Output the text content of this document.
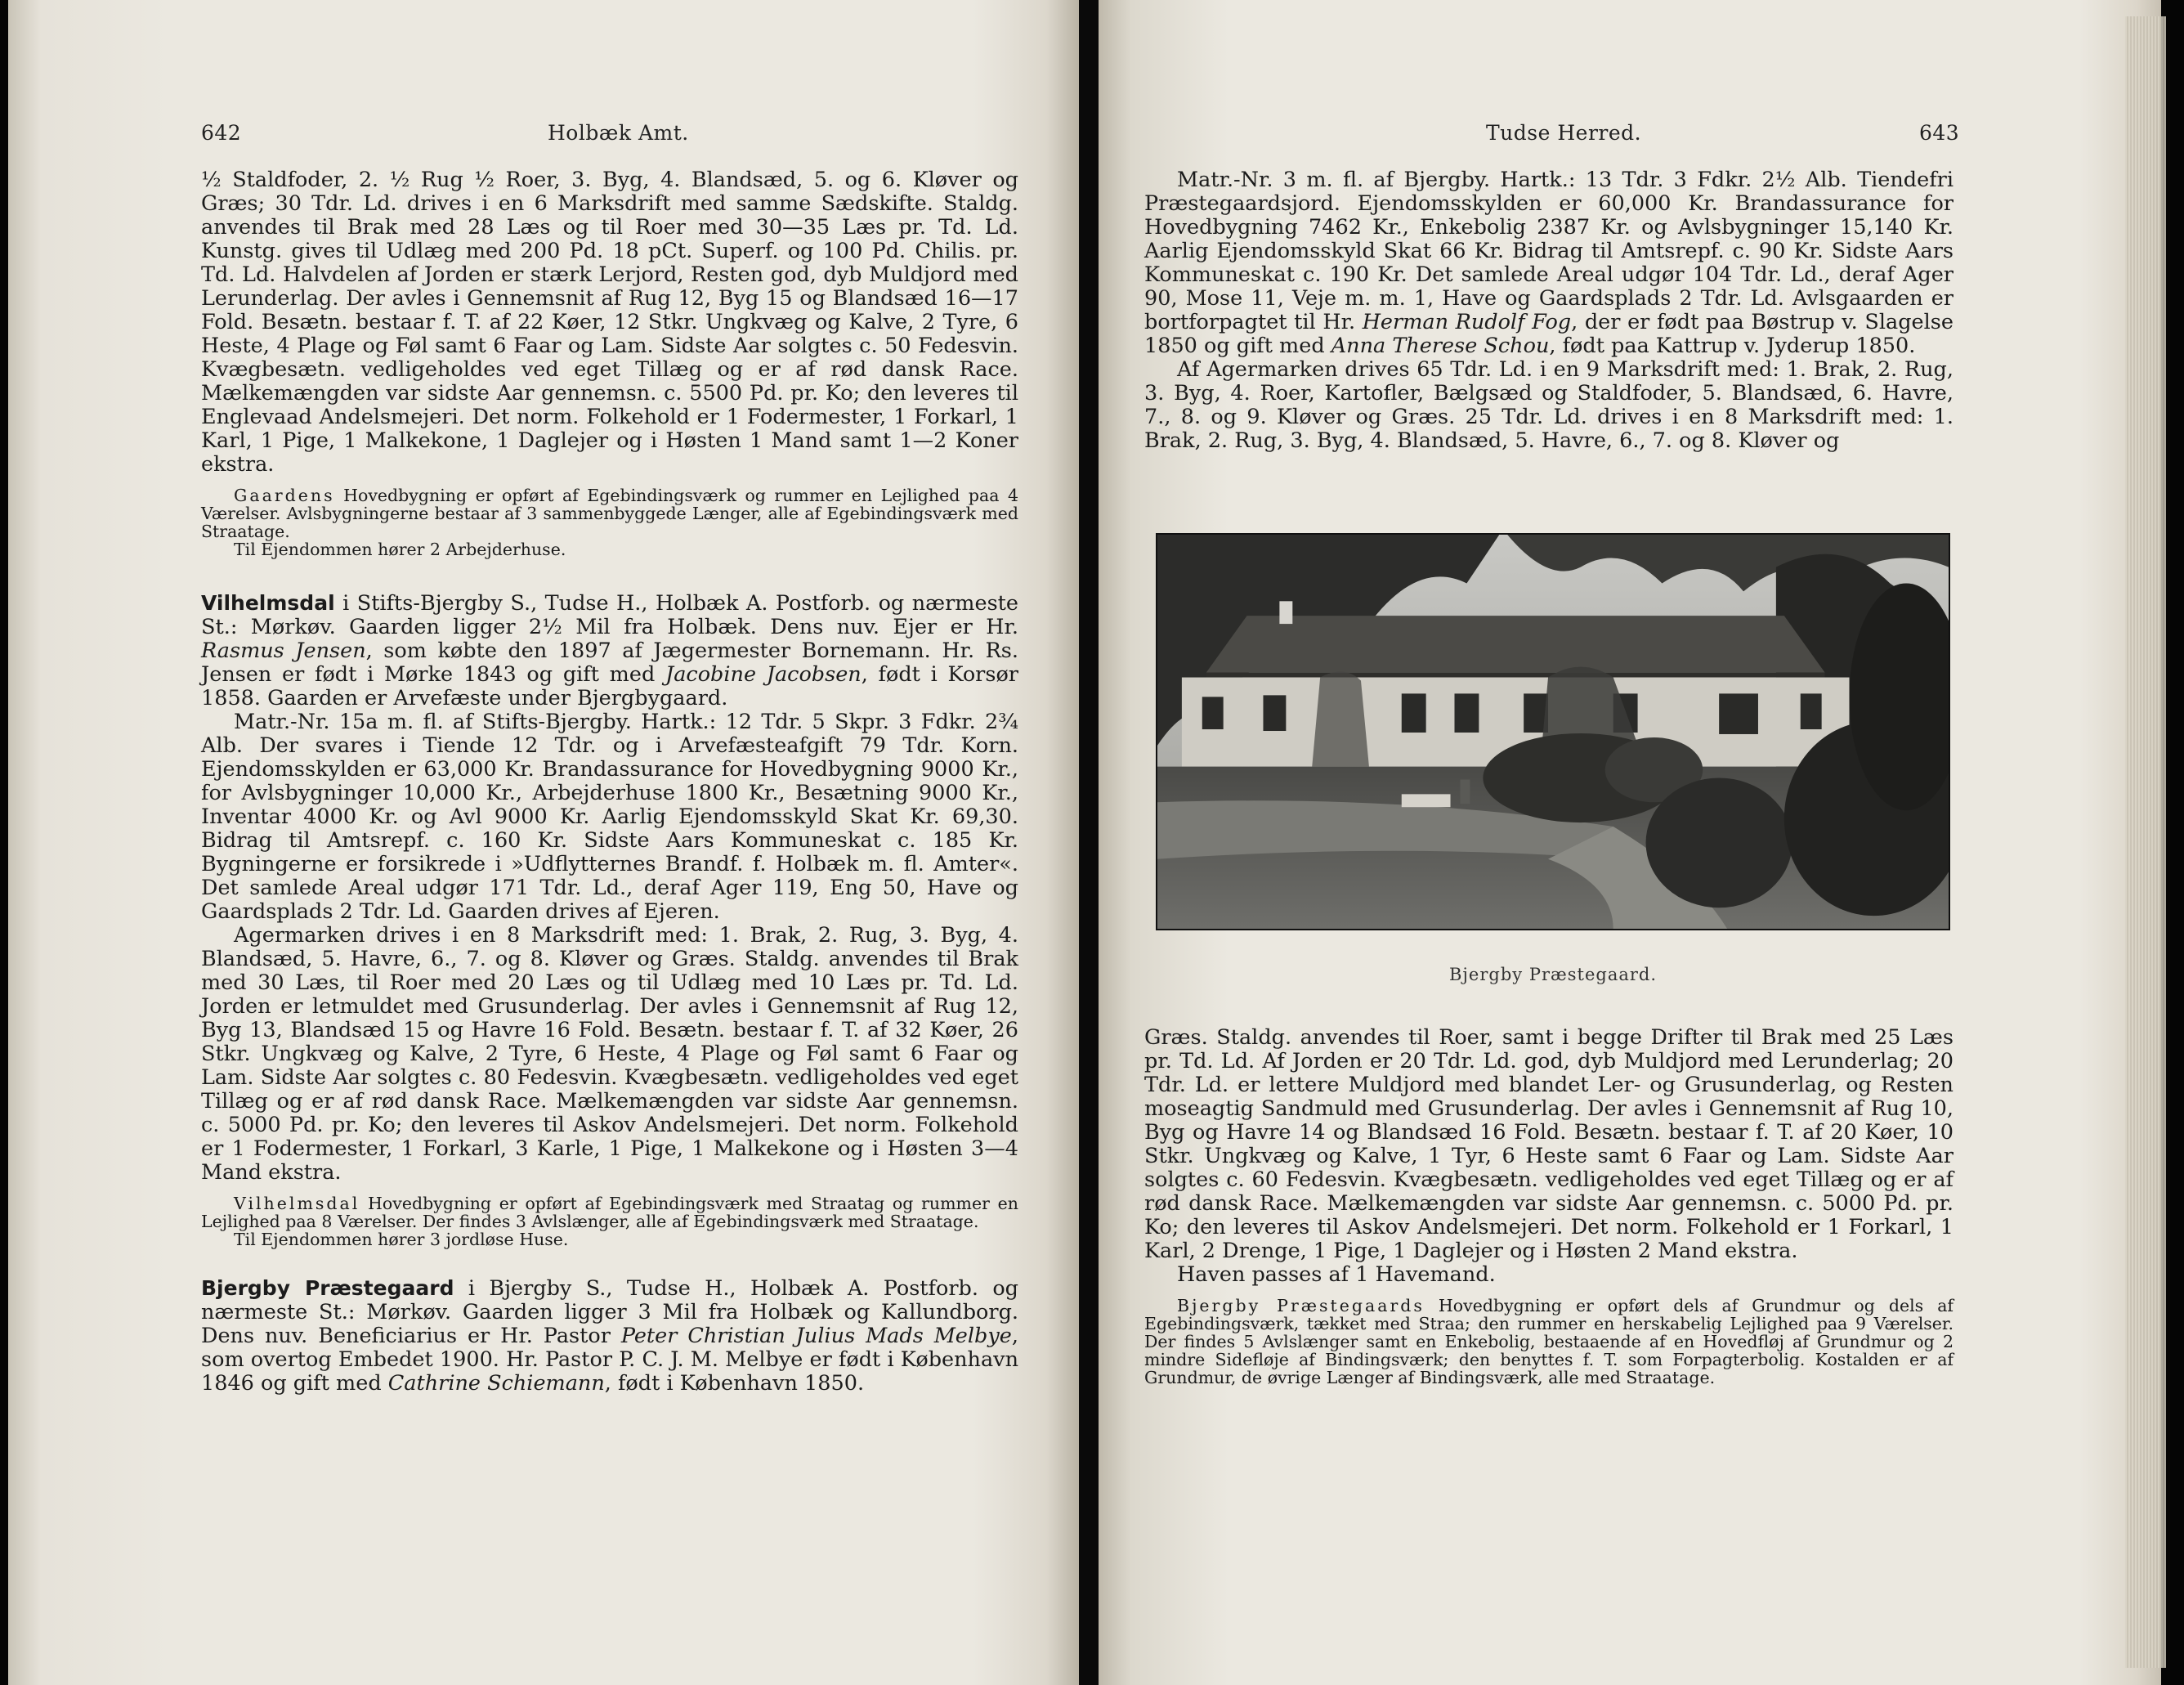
642	Holbæk Amt.

½ Staldfoder, 2. ½ Rug ½ Roer, 3. Byg, 4. Blandsæd, 5. og 6. Kløver og Græs; 30 Tdr. Ld. drives i en 6 Marksdrift med samme Sædskifte. Staldg. anvendes til Brak med 28 Læs og til Roer med 30—35 Læs pr. Td. Ld. Kunstg. gives til Udlæg med 200 Pd. 18 pCt. Superf. og 100 Pd. Chilis. pr. Td. Ld. Halvdelen af Jorden er stærk Lerjord, Resten god, dyb Muldjord med Lerunderlag. Der avles i Gennemsnit af Rug 12, Byg 15 og Blandsæd 16—17 Fold. Besætn. bestaar f. T. af 22 Køer, 12 Stkr. Ungkvæg og Kalve, 2 Tyre, 6 Heste, 4 Plage og Føl samt 6 Faar og Lam. Sidste Aar solgtes c. 50 Fedesvin. Kvægbesætn. vedligeholdes ved eget Tillæg og er af rød dansk Race. Mælkemængden var sidste Aar gennemsn. c. 5500 Pd. pr. Ko; den leveres til Englevaad Andelsmejeri. Det norm. Folkehold er 1 Fodermester, 1 Forkarl, 1 Karl, 1 Pige, 1 Malkekone, 1 Daglejer og i Høsten 1 Mand samt 1—2 Koner ekstra.

Gaardens Hovedbygning er opført af Egebindingsværk og rummer en Lejlighed paa 4 Værelser. Avlsbygningerne bestaar af 3 sammenbyggede Længer, alle af Egebindingsværk med Straatage.

Til Ejendommen hører 2 Arbejderhuse.

Vilhelmsdal i Stifts-Bjergby S., Tudse H., Holbæk A. Postforb. og nærmeste St.: Mørkøv. Gaarden ligger 2½ Mil fra Holbæk. Dens nuv. Ejer er Hr. Rasmus Jensen, som købte den 1897 af Jægermester Bornemann. Hr. Rs. Jensen er født i Mørke 1843 og gift med Jacobine Jacobsen, født i Korsør 1858. Gaarden er Arvefæste under Bjergbygaard.

Matr.-Nr. 15a m. fl. af Stifts-Bjergby. Hartk.: 12 Tdr. 5 Skpr. 3 Fdkr. 2¾ Alb. Der svares i Tiende 12 Tdr. og i Arvefæsteafgift 79 Tdr. Korn. Ejendomsskylden er 63,000 Kr. Brandassurance for Hovedbygning 9000 Kr., for Avlsbygninger 10,000 Kr., Arbejderhuse 1800 Kr., Besætning 9000 Kr., Inventar 4000 Kr. og Avl 9000 Kr. Aarlig Ejendomsskyld Skat Kr. 69,30. Bidrag til Amtsrepf. c. 160 Kr. Sidste Aars Kommuneskat c. 185 Kr. Bygningerne er forsikrede i »Udflytternes Brandf. f. Holbæk m. fl. Amter«. Det samlede Areal udgør 171 Tdr. Ld., deraf Ager 119, Eng 50, Have og Gaardsplads 2 Tdr. Ld. Gaarden drives af Ejeren.

Agermarken drives i en 8 Marksdrift med: 1. Brak, 2. Rug, 3. Byg, 4. Blandsæd, 5. Havre, 6., 7. og 8. Kløver og Græs. Staldg. anvendes til Brak med 30 Læs, til Roer med 20 Læs og til Udlæg med 10 Læs pr. Td. Ld. Jorden er letmuldet med Grusunderlag. Der avles i Gennemsnit af Rug 12, Byg 13, Blandsæd 15 og Havre 16 Fold. Besætn. bestaar f. T. af 32 Køer, 26 Stkr. Ungkvæg og Kalve, 2 Tyre, 6 Heste, 4 Plage og Føl samt 6 Faar og Lam. Sidste Aar solgtes c. 80 Fedesvin. Kvægbesætn. vedligeholdes ved eget Tillæg og er af rød dansk Race. Mælkemængden var sidste Aar gennemsn. c. 5000 Pd. pr. Ko; den leveres til Askov Andelsmejeri. Det norm. Folkehold er 1 Fodermester, 1 Forkarl, 3 Karle, 1 Pige, 1 Malkekone og i Høsten 3—4 Mand ekstra.

Vilhelmsdal Hovedbygning er opført af Egebindingsværk med Straatag og rummer en Lejlighed paa 8 Værelser. Der findes 3 Avlslænger, alle af Egebindingsværk med Straatage.

Til Ejendommen hører 3 jordløse Huse.

Bjergby Præstegaard i Bjergby S., Tudse H., Holbæk A. Postforb. og nærmeste St.: Mørkøv. Gaarden ligger 3 Mil fra Holbæk og Kallundborg. Dens nuv. Beneficiarius er Hr. Pastor Peter Christian Julius Mads Melbye, som overtog Embedet 1900. Hr. Pastor P. C. J. M. Melbye er født i København 1846 og gift med Cathrine Schiemann, født i København 1850.

Tudse Herred.	643

Matr.-Nr. 3 m. fl. af Bjergby. Hartk.: 13 Tdr. 3 Fdkr. 2½ Alb. Tiendefri Præstegaardsjord. Ejendomsskylden er 60,000 Kr. Brandassurance for Hovedbygning 7462 Kr., Enkebolig 2387 Kr. og Avlsbygninger 15,140 Kr. Aarlig Ejendomsskyld Skat 66 Kr. Bidrag til Amtsrepf. c. 90 Kr. Sidste Aars Kommuneskat c. 190 Kr. Det samlede Areal udgør 104 Tdr. Ld., deraf Ager 90, Mose 11, Veje m. m. 1, Have og Gaardsplads 2 Tdr. Ld. Avlsgaarden er bortforpagtet til Hr. Herman Rudolf Fog, der er født paa Bøstrup v. Slagelse 1850 og gift med Anna Therese Schou, født paa Kattrup v. Jyderup 1850.

Af Agermarken drives 65 Tdr. Ld. i en 9 Marksdrift med: 1. Brak, 2. Rug, 3. Byg, 4. Roer, Kartofler, Bælgsæd og Staldfoder, 5. Blandsæd, 6. Havre, 7., 8. og 9. Kløver og Græs. 25 Tdr. Ld. drives i en 8 Marksdrift med: 1. Brak, 2. Rug, 3. Byg, 4. Blandsæd, 5. Havre, 6., 7. og 8. Kløver og

Græs. Staldg. anvendes til Roer, samt i begge Drifter til Brak med 25 Læs pr. Td. Ld. Af Jorden er 20 Tdr. Ld. god, dyb Muldjord med Lerunderlag; 20 Tdr. Ld. er lettere Muldjord med blandet Ler- og Grusunderlag, og Resten moseagtig Sandmuld med Grusunderlag. Der avles i Gennemsnit af Rug 10, Byg og Havre 14 og Blandsæd 16 Fold. Besætn. bestaar f. T. af 20 Køer, 10 Stkr. Ungkvæg og Kalve, 1 Tyr, 6 Heste samt 6 Faar og Lam. Sidste Aar solgtes c. 60 Fedesvin. Kvægbesætn. vedligeholdes ved eget Tillæg og er af rød dansk Race. Mælkemængden var sidste Aar gennemsn. c. 5000 Pd. pr. Ko; den leveres til Askov Andelsmejeri. Det norm. Folkehold er 1 Forkarl, 1 Karl, 2 Drenge, 1 Pige, 1 Daglejer og i Høsten 2 Mand ekstra.

Haven passes af 1 Havemand.

Bjergby Præstegaards Hovedbygning er opført dels af Grundmur og dels af Egebindingsværk, tækket med Straa; den rummer en herskabelig Lejlighed paa 9 Værelser. Der findes 5 Avlslænger samt en Enkebolig, bestaaende af en Hovedfløj af Grundmur og 2 mindre Sidefløje af Bindingsværk; den benyttes f. T. som Forpagterbolig. Kostalden er af Grundmur, de øvrige Længer af Bindingsværk, alle med Straatage.

Bjergby Præstegaard.
